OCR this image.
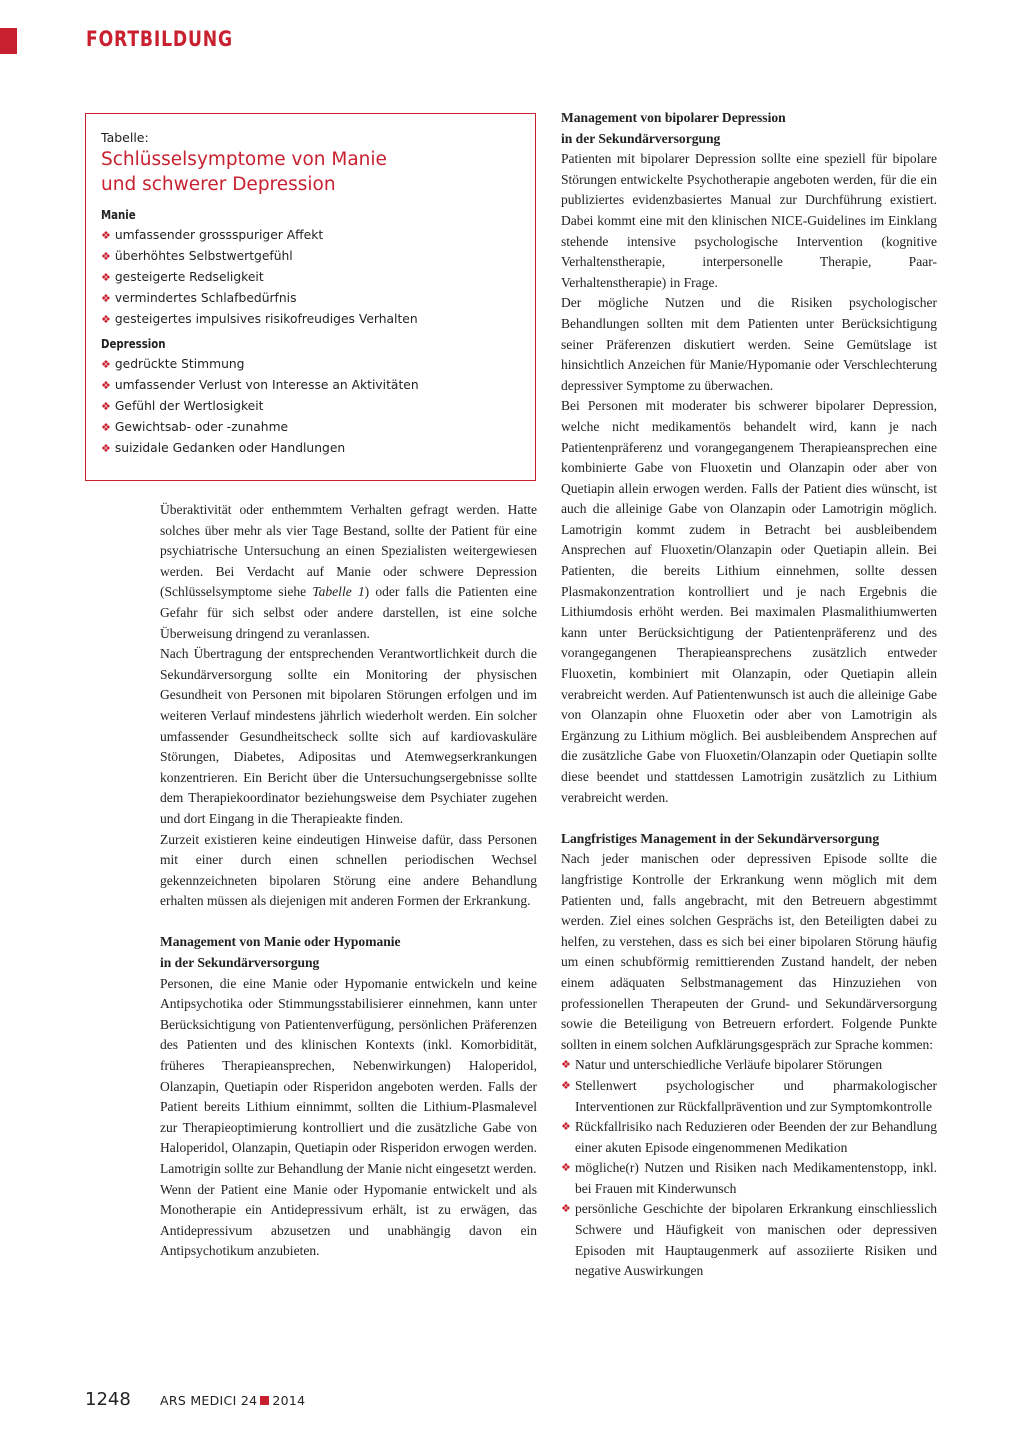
FORTBILDUNG

Tabelle:

Schlüsselsymptome von Manie
und schwerer Depression
Manie
❖ umfassender grossspuriger Affekt
❖ überhöhtes Selbstwertgefühl
❖ gesteigerte Redseligkeit
❖ vermindertes Schlafbedürfnis
❖ gesteigertes impulsives risikofreudiges Verhalten
Depression
❖ gedrückte Stimmung
❖ umfassender Verlust von Interesse an Aktivitäten
❖ Gefühl der Wertlosigkeit
❖ Gewichtsab- oder -zunahme
❖ suizidale Gedanken oder Handlungen

Überaktivität oder enthemmtem Verhalten gefragt werden. Hatte solches über mehr als vier Tage Bestand, sollte der Patient für eine psychiatrische Untersuchung an einen Spezialisten weitergewiesen werden. Bei Verdacht auf Manie oder schwere Depression (Schlüsselsymptome siehe Tabelle 1) oder falls die Patienten eine Gefahr für sich selbst oder andere darstellen, ist eine solche Überweisung dringend zu veranlassen.

Nach Übertragung der entsprechenden Verantwortlichkeit durch die Sekundärversorgung sollte ein Monitoring der physischen Gesundheit von Personen mit bipolaren Störungen erfolgen und im weiteren Verlauf mindestens jährlich wiederholt werden. Ein solcher umfassender Gesundheitscheck sollte sich auf kardiovaskuläre Störungen, Diabetes, Adipositas und Atemwegserkrankungen konzentrieren. Ein Bericht über die Untersuchungsergebnisse sollte dem Therapiekoordinator beziehungsweise dem Psychiater zugehen und dort Eingang in die Therapieakte finden.

Zurzeit existieren keine eindeutigen Hinweise dafür, dass Personen mit einer durch einen schnellen periodischen Wechsel gekennzeichneten bipolaren Störung eine andere Behandlung erhalten müssen als diejenigen mit anderen Formen der Erkrankung.

Management von Manie oder Hypomanie
in der Sekundärversorgung

Personen, die eine Manie oder Hypomanie entwickeln und keine Antipsychotika oder Stimmungsstabilisierer einnehmen, kann unter Berücksichtigung von Patientenverfügung, persönlichen Präferenzen des Patienten und des klinischen Kontexts (inkl. Komorbidität, früheres Therapieansprechen, Nebenwirkungen) Haloperidol, Olanzapin, Quetiapin oder Risperidon angeboten werden. Falls der Patient bereits Lithium einnimmt, sollten die Lithium-Plasmalevel zur Therapieoptimierung kontrolliert und die zusätzliche Gabe von Haloperidol, Olanzapin, Quetiapin oder Risperidon erwogen werden. Lamotrigin sollte zur Behandlung der Manie nicht eingesetzt werden.

Wenn der Patient eine Manie oder Hypomanie entwickelt und als Monotherapie ein Antidepressivum erhält, ist zu erwägen, das Antidepressivum abzusetzen und unabhängig davon ein Antipsychotikum anzubieten.

Management von bipolarer Depression
in der Sekundärversorgung

Patienten mit bipolarer Depression sollte eine speziell für bipolare Störungen entwickelte Psychotherapie angeboten werden, für die ein publiziertes evidenzbasiertes Manual zur Durchführung existiert. Dabei kommt eine mit den klinischen NICE-Guidelines im Einklang stehende intensive psychologische Intervention (kognitive Verhaltenstherapie, interpersonelle Therapie, Paar-Verhaltenstherapie) in Frage.

Der mögliche Nutzen und die Risiken psychologischer Behandlungen sollten mit dem Patienten unter Berücksichtigung seiner Präferenzen diskutiert werden. Seine Gemütslage ist hinsichtlich Anzeichen für Manie/Hypomanie oder Verschlechterung depressiver Symptome zu überwachen.

Bei Personen mit moderater bis schwerer bipolarer Depression, welche nicht medikamentös behandelt wird, kann je nach Patientenpräferenz und vorangegangenem Therapieansprechen eine kombinierte Gabe von Fluoxetin und Olanzapin oder aber von Quetiapin allein erwogen werden. Falls der Patient dies wünscht, ist auch die alleinige Gabe von Olanzapin oder Lamotrigin möglich. Lamotrigin kommt zudem in Betracht bei ausbleibendem Ansprechen auf Fluoxetin/Olanzapin oder Quetiapin allein. Bei Patienten, die bereits Lithium einnehmen, sollte dessen Plasmakonzentration kontrolliert und je nach Ergebnis die Lithiumdosis erhöht werden. Bei maximalen Plasmalithiumwerten kann unter Berücksichtigung der Patientenpräferenz und des vorangegangenen Therapieansprechens zusätzlich entweder Fluoxetin, kombiniert mit Olanzapin, oder Quetiapin allein verabreicht werden. Auf Patientenwunsch ist auch die alleinige Gabe von Olanzapin ohne Fluoxetin oder aber von Lamotrigin als Ergänzung zu Lithium möglich. Bei ausbleibendem Ansprechen auf die zusätzliche Gabe von Fluoxetin/Olanzapin oder Quetiapin sollte diese beendet und stattdessen Lamotrigin zusätzlich zu Lithium verabreicht werden.

Langfristiges Management in der Sekundärversorgung

Nach jeder manischen oder depressiven Episode sollte die langfristige Kontrolle der Erkrankung wenn möglich mit dem Patienten und, falls angebracht, mit den Betreuern abgestimmt werden. Ziel eines solchen Gesprächs ist, den Beteiligten dabei zu helfen, zu verstehen, dass es sich bei einer bipolaren Störung häufig um einen schubförmig remittierenden Zustand handelt, der neben einem adäquaten Selbstmanagement das Hinzuziehen von professionellen Therapeuten der Grund- und Sekundärversorgung sowie die Beteiligung von Betreuern erfordert. Folgende Punkte sollten in einem solchen Aufklärungsgespräch zur Sprache kommen:

❖ Natur und unterschiedliche Verläufe bipolarer Störungen
❖ Stellenwert psychologischer und pharmakologischer Interventionen zur Rückfallprävention und zur Symptomkontrolle
❖ Rückfallrisiko nach Reduzieren oder Beenden der zur Behandlung einer akuten Episode eingenommenen Medikation
❖ mögliche(r) Nutzen und Risiken nach Medikamentenstopp, inkl. bei Frauen mit Kinderwunsch
❖ persönliche Geschichte der bipolaren Erkrankung einschliesslich Schwere und Häufigkeit von manischen oder depressiven Episoden mit Hauptaugenmerk auf assoziierte Risiken und negative Auswirkungen
1248 ARS MEDICI 24 2014
